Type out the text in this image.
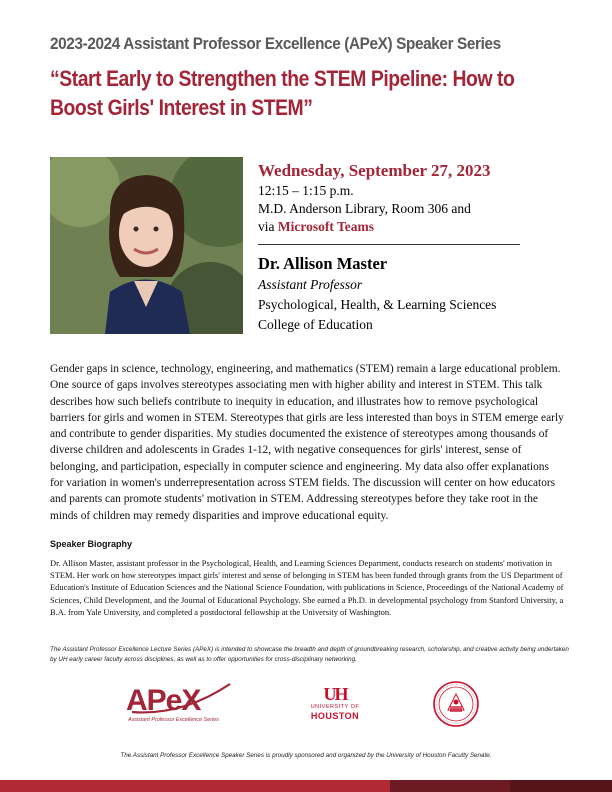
2023-2024 Assistant Professor Excellence (APeX) Speaker Series
“Start Early to Strengthen the STEM Pipeline: How to
Boost Girls' Interest in STEM”
Wednesday, September 27, 2023
12:15 – 1:15 p.m.
M.D. Anderson Library, Room 306 and
via Microsoft Teams
Dr. Allison Master
Assistant Professor
Psychological, Health, & Learning Sciences
College of Education
Gender gaps in science, technology, engineering, and mathematics (STEM) remain a large educational problem. One source of gaps involves stereotypes associating men with higher ability and interest in STEM. This talk describes how such beliefs contribute to inequity in education, and illustrates how to remove psychological barriers for girls and women in STEM. Stereotypes that girls are less interested than boys in STEM emerge early and contribute to gender disparities. My studies documented the existence of stereotypes among thousands of diverse children and adolescents in Grades 1-12, with negative consequences for girls' interest, sense of belonging, and participation, especially in computer science and engineering. My data also offer explanations for variation in women's underrepresentation across STEM fields. The discussion will center on how educators and parents can promote students' motivation in STEM. Addressing stereotypes before they take root in the minds of children may remedy disparities and improve educational equity.
Speaker Biography
Dr. Allison Master, assistant professor in the Psychological, Health, and Learning Sciences Department, conducts research on students' motivation in STEM. Her work on how stereotypes impact girls' interest and sense of belonging in STEM has been funded through grants from the US Department of Education's Institute of Education Sciences and the National Science Foundation, with publications in Science, Proceedings of the National Academy of Sciences, Child Development, and the Journal of Educational Psychology. She earned a Ph.D. in developmental psychology from Stanford University, a B.A. from Yale University, and completed a postdoctoral fellowship at the University of Washington.
The Assistant Professor Excellence Lecture Series (APeX) is intended to showcase the breadth and depth of groundbreaking research, scholarship, and creative activity being undertaken by UH early career faculty across disciplines, as well as to offer opportunities for cross-disciplinary networking.
APeX
Assistant Professor Excellence Series
UH
UNIVERSITY OF
HOUSTON
The Assistant Professor Excellence Speaker Series is proudly sponsored and organized by the University of Houston Faculty Senate.
